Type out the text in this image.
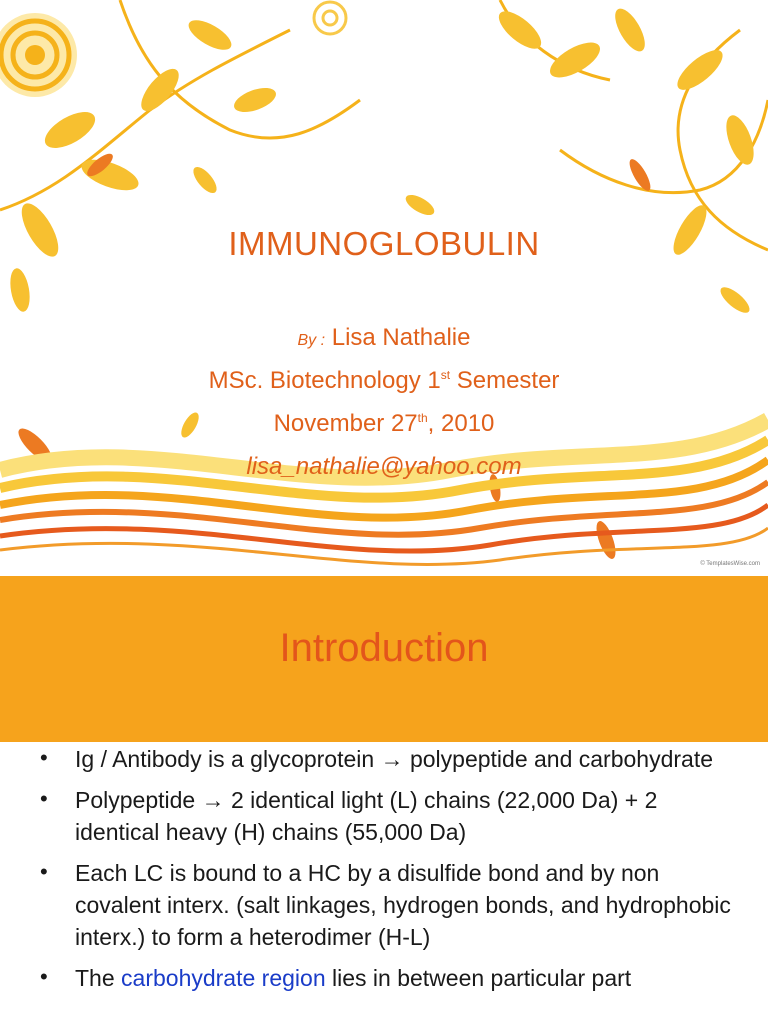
IMMUNOGLOBULIN
By : Lisa Nathalie
MSc. Biotechnology 1st Semester
November 27th, 2010
lisa_nathalie@yahoo.com
© TemplatesWise.com
Introduction
• Ig / Antibody is a glycoprotein → polypeptide and carbohydrate
• Polypeptide → 2 identical light (L) chains (22,000 Da) + 2 identical heavy (H) chains (55,000 Da)
• Each LC is bound to a HC by a disulfide bond and by non covalent interx. (salt linkages, hydrogen bonds, and hydrophobic interx.) to form a heterodimer (H-L)
• The carbohydrate region lies in between particular part
